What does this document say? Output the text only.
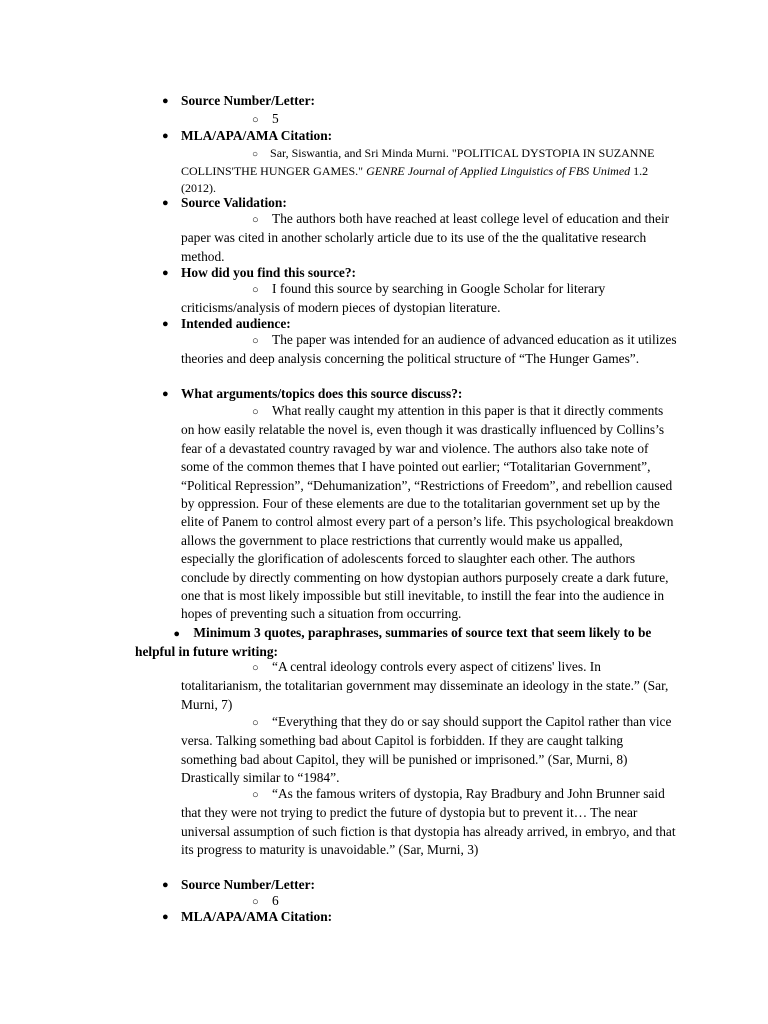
● Source Number/Letter:
○ 5
● MLA/APA/AMA Citation:
○ Sar, Siswantia, and Sri Minda Murni. "POLITICAL DYSTOPIA IN SUZANNE
COLLINS'THE HUNGER GAMES." GENRE Journal of Applied Linguistics of FBS Unimed 1.2
(2012).
● Source Validation:
○ The authors both have reached at least college level of education and their paper was cited in another scholarly article due to its use of the the qualitative research method.
● How did you find this source?:
○ I found this source by searching in Google Scholar for literary criticisms/analysis of modern pieces of dystopian literature.
● Intended audience:
○ The paper was intended for an audience of advanced education as it utilizes theories and deep analysis concerning the political structure of “The Hunger Games”.
● What arguments/topics does this source discuss?:
○ What really caught my attention in this paper is that it directly comments on how easily relatable the novel is, even though it was drastically influenced by Collins’s fear of a devastated country ravaged by war and violence. The authors also take note of some of the common themes that I have pointed out earlier; “Totalitarian Government”, “Political Repression”, “Dehumanization”, “Restrictions of Freedom”, and rebellion caused by oppression. Four of these elements are due to the totalitarian government set up by the elite of Panem to control almost every part of a person’s life. This psychological breakdown allows the government to place restrictions that currently would make us appalled, especially the glorification of adolescents forced to slaughter each other. The authors conclude by directly commenting on how dystopian authors purposely create a dark future, one that is most likely impossible but still inevitable, to instill the fear into the audience in hopes of preventing such a situation from occurring.
● Minimum 3 quotes, paraphrases, summaries of source text that seem likely to be
helpful in future writing:
○ “A central ideology controls every aspect of citizens' lives. In totalitarianism, the totalitarian government may disseminate an ideology in the state.” (Sar, Murni, 7)
○ “Everything that they do or say should support the Capitol rather than vice versa. Talking something bad about Capitol is forbidden. If they are caught talking something bad about Capitol, they will be punished or imprisoned.” (Sar, Murni, 8) Drastically similar to “1984”.
○ “As the famous writers of dystopia, Ray Bradbury and John Brunner said that they were not trying to predict the future of dystopia but to prevent it… The near universal assumption of such fiction is that dystopia has already arrived, in embryo, and that its progress to maturity is unavoidable.” (Sar, Murni, 3)
● Source Number/Letter:
○ 6
● MLA/APA/AMA Citation:
